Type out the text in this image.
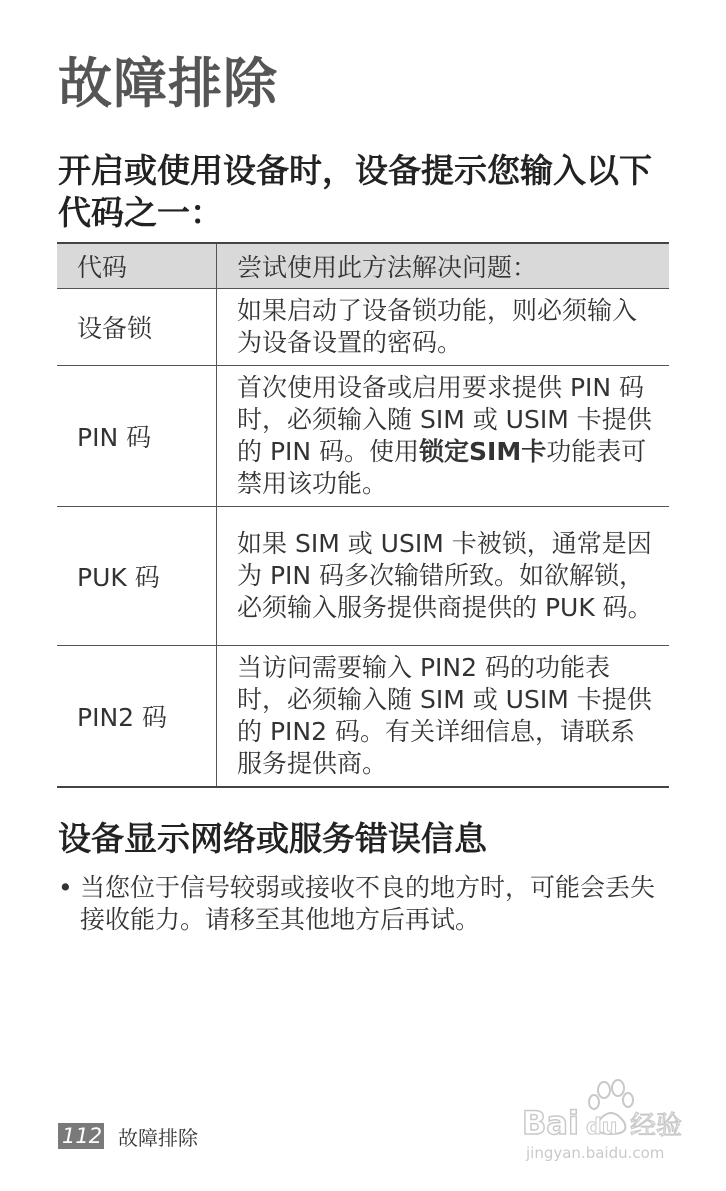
故障排除
开启或使用设备时，设备提示您输入以下代码之一：
代码	尝试使用此方法解决问题：
设备锁	如果启动了设备锁功能，则必须输入为设备设置的密码。
PIN 码	首次使用设备或启用要求提供 PIN 码时，必须输入随 SIM 或 USIM 卡提供的 PIN 码。使用锁定SIM卡功能表可禁用该功能。
PUK 码	如果 SIM 或 USIM 卡被锁，通常是因为 PIN 码多次输错所致。如欲解锁，必须输入服务提供商提供的 PUK 码。
PIN2 码	当访问需要输入 PIN2 码的功能表时，必须输入随 SIM 或 USIM 卡提供的 PIN2 码。有关详细信息，请联系服务提供商。
设备显示网络或服务错误信息
• 当您位于信号较弱或接收不良的地方时，可能会丢失接收能力。请移至其他地方后再试。
112 故障排除	Bai du 经验
jingyan.baidu.com
